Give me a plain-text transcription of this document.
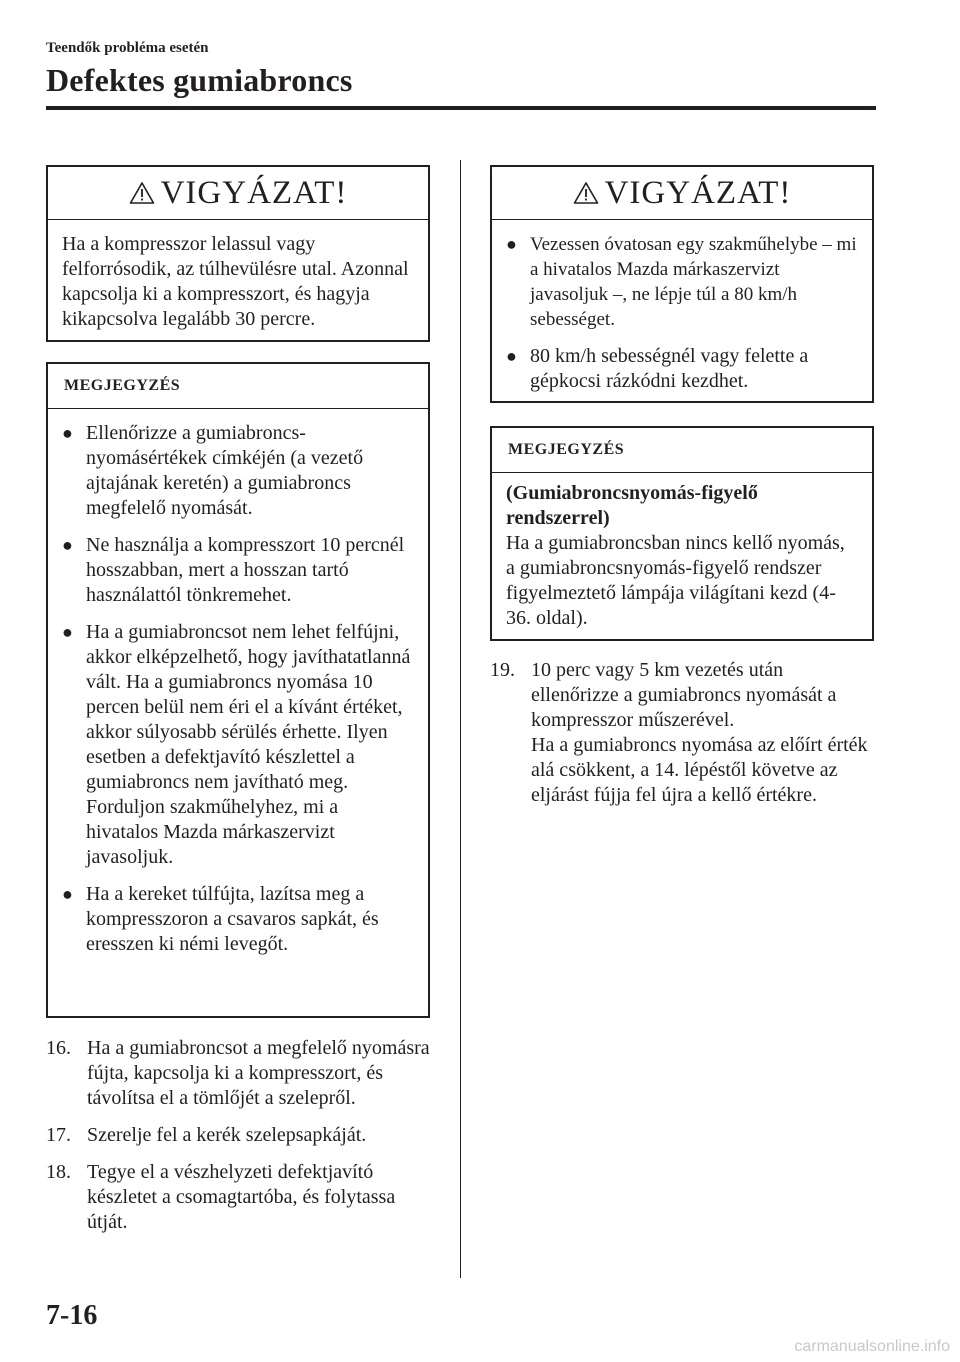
Teendők probléma esetén
Defektes gumiabroncs
VIGYÁZAT!
Ha a kompresszor lelassul vagy felforrósodik, az túlhevülésre utal. Azonnal kapcsolja ki a kompresszort, és hagyja kikapcsolva legalább 30 percre.
MEGJEGYZÉS
● Ellenőrizze a gumiabroncs-nyomásértékek címkéjén (a vezető ajtajának keretén) a gumiabroncs megfelelő nyomását.
● Ne használja a kompresszort 10 percnél hosszabban, mert a hosszan tartó használattól tönkremehet.
● Ha a gumiabroncsot nem lehet felfújni, akkor elképzelhető, hogy javíthatatlanná vált. Ha a gumiabroncs nyomása 10 percen belül nem éri el a kívánt értéket, akkor súlyosabb sérülés érhette. Ilyen esetben a defektjavító készlettel a gumiabroncs nem javítható meg. Forduljon szakműhelyhez, mi a hivatalos Mazda márkaszervizt javasoljuk.
● Ha a kereket túlfújta, lazítsa meg a kompresszoron a csavaros sapkát, és eresszen ki némi levegőt.
16. Ha a gumiabroncsot a megfelelő nyomásra fújta, kapcsolja ki a kompresszort, és távolítsa el a tömlőjét a szelepről.
17. Szerelje fel a kerék szelepsapkáját.
18. Tegye el a vészhelyzeti defektjavító készletet a csomagtartóba, és folytassa útját.
VIGYÁZAT!
● Vezessen óvatosan egy szakműhelybe – mi a hivatalos Mazda márkaszervizt javasoljuk –, ne lépje túl a 80 km/h sebességet.
● 80 km/h sebességnél vagy felette a gépkocsi rázkódni kezdhet.
MEGJEGYZÉS
(Gumiabroncsnyomás-figyelő rendszerrel)
Ha a gumiabroncsban nincs kellő nyomás, a gumiabroncsnyomás-figyelő rendszer figyelmeztető lámpája világítani kezd (4-36. oldal).
19. 10 perc vagy 5 km vezetés után ellenőrizze a gumiabroncs nyomását a kompresszor műszerével.
Ha a gumiabroncs nyomása az előírt érték alá csökkent, a 14. lépéstől követve az eljárást fújja fel újra a kellő értékre.
7-16
carmanualsonline.info
